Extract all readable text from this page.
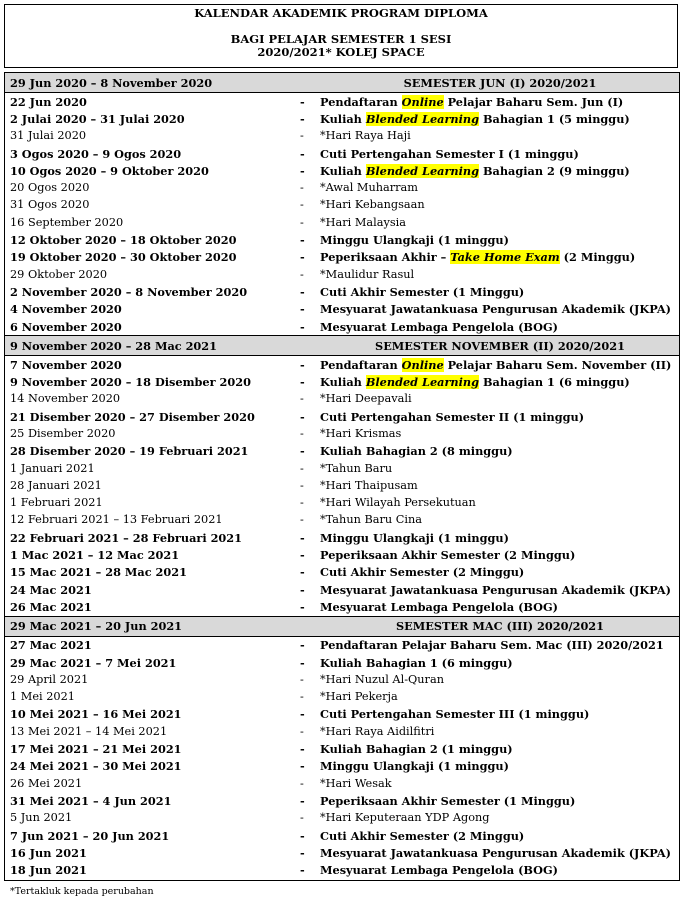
KALENDAR AKADEMIK PROGRAM DIPLOMA
BAGI PELAJAR SEMESTER 1 SESI
2020/2021* KOLEJ SPACE
29 Jun 2020 – 8 November 2020		SEMESTER JUN (I) 2020/2021
22 Jun 2020	-	Pendaftaran Online Pelajar Baharu Sem. Jun (I)
2 Julai 2020 – 31 Julai 2020	-	Kuliah Blended Learning Bahagian 1 (5 minggu)
31 Julai 2020	-	*Hari Raya Haji
3 Ogos 2020 – 9 Ogos 2020	-	Cuti Pertengahan Semester I (1 minggu)
10 Ogos 2020 – 9 Oktober 2020	-	Kuliah Blended Learning Bahagian 2 (9 minggu)
20 Ogos 2020	-	*Awal Muharram
31 Ogos 2020	-	*Hari Kebangsaan
16 September 2020	-	*Hari Malaysia
12 Oktober 2020 – 18 Oktober 2020	-	Minggu Ulangkaji (1 minggu)
19 Oktober 2020 – 30 Oktober 2020	-	Peperiksaan Akhir – Take Home Exam (2 Minggu)
29 Oktober 2020	-	*Maulidur Rasul
2 November 2020 – 8 November 2020	-	Cuti Akhir Semester (1 Minggu)
4 November 2020	-	Mesyuarat Jawatankuasa Pengurusan Akademik (JKPA)
6 November 2020	-	Mesyuarat Lembaga Pengelola (BOG)
9 November 2020 – 28 Mac 2021		SEMESTER NOVEMBER (II) 2020/2021
7 November 2020	-	Pendaftaran Online Pelajar Baharu Sem. November (II)
9 November 2020 – 18 Disember 2020	-	Kuliah Blended Learning Bahagian 1 (6 minggu)
14 November 2020	-	*Hari Deepavali
21 Disember 2020 – 27 Disember 2020	-	Cuti Pertengahan Semester II (1 minggu)
25 Disember 2020	-	*Hari Krismas
28 Disember 2020 – 19 Februari 2021	-	Kuliah Bahagian 2 (8 minggu)
1 Januari 2021	-	*Tahun Baru
28 Januari 2021	-	*Hari Thaipusam
1 Februari 2021	-	*Hari Wilayah Persekutuan
12 Februari 2021 – 13 Februari 2021	-	*Tahun Baru Cina
22 Februari 2021 – 28 Februari 2021	-	Minggu Ulangkaji (1 minggu)
1 Mac 2021 – 12 Mac 2021	-	Peperiksaan Akhir Semester (2 Minggu)
15 Mac 2021 – 28 Mac 2021	-	Cuti Akhir Semester (2 Minggu)
24 Mac 2021	-	Mesyuarat Jawatankuasa Pengurusan Akademik (JKPA)
26 Mac 2021	-	Mesyuarat Lembaga Pengelola (BOG)
29 Mac 2021 – 20 Jun 2021		SEMESTER MAC (III) 2020/2021
27 Mac 2021	-	Pendaftaran Pelajar Baharu Sem. Mac (III) 2020/2021
29 Mac 2021 – 7 Mei 2021	-	Kuliah Bahagian 1 (6 minggu)
29 April 2021	-	*Hari Nuzul Al-Quran
1 Mei 2021	-	*Hari Pekerja
10 Mei 2021 – 16 Mei 2021	-	Cuti Pertengahan Semester III (1 minggu)
13 Mei 2021 – 14 Mei 2021	-	*Hari Raya Aidilfitri
17 Mei 2021 – 21 Mei 2021	-	Kuliah Bahagian 2 (1 minggu)
24 Mei 2021 – 30 Mei 2021	-	Minggu Ulangkaji (1 minggu)
26 Mei 2021	-	*Hari Wesak
31 Mei 2021 – 4 Jun 2021	-	Peperiksaan Akhir Semester (1 Minggu)
5 Jun 2021	-	*Hari Keputeraan YDP Agong
7 Jun 2021 – 20 Jun 2021	-	Cuti Akhir Semester (2 Minggu)
16 Jun 2021	-	Mesyuarat Jawatankuasa Pengurusan Akademik (JKPA)
18 Jun 2021	-	Mesyuarat Lembaga Pengelola (BOG)
*Tertakluk kepada perubahan
